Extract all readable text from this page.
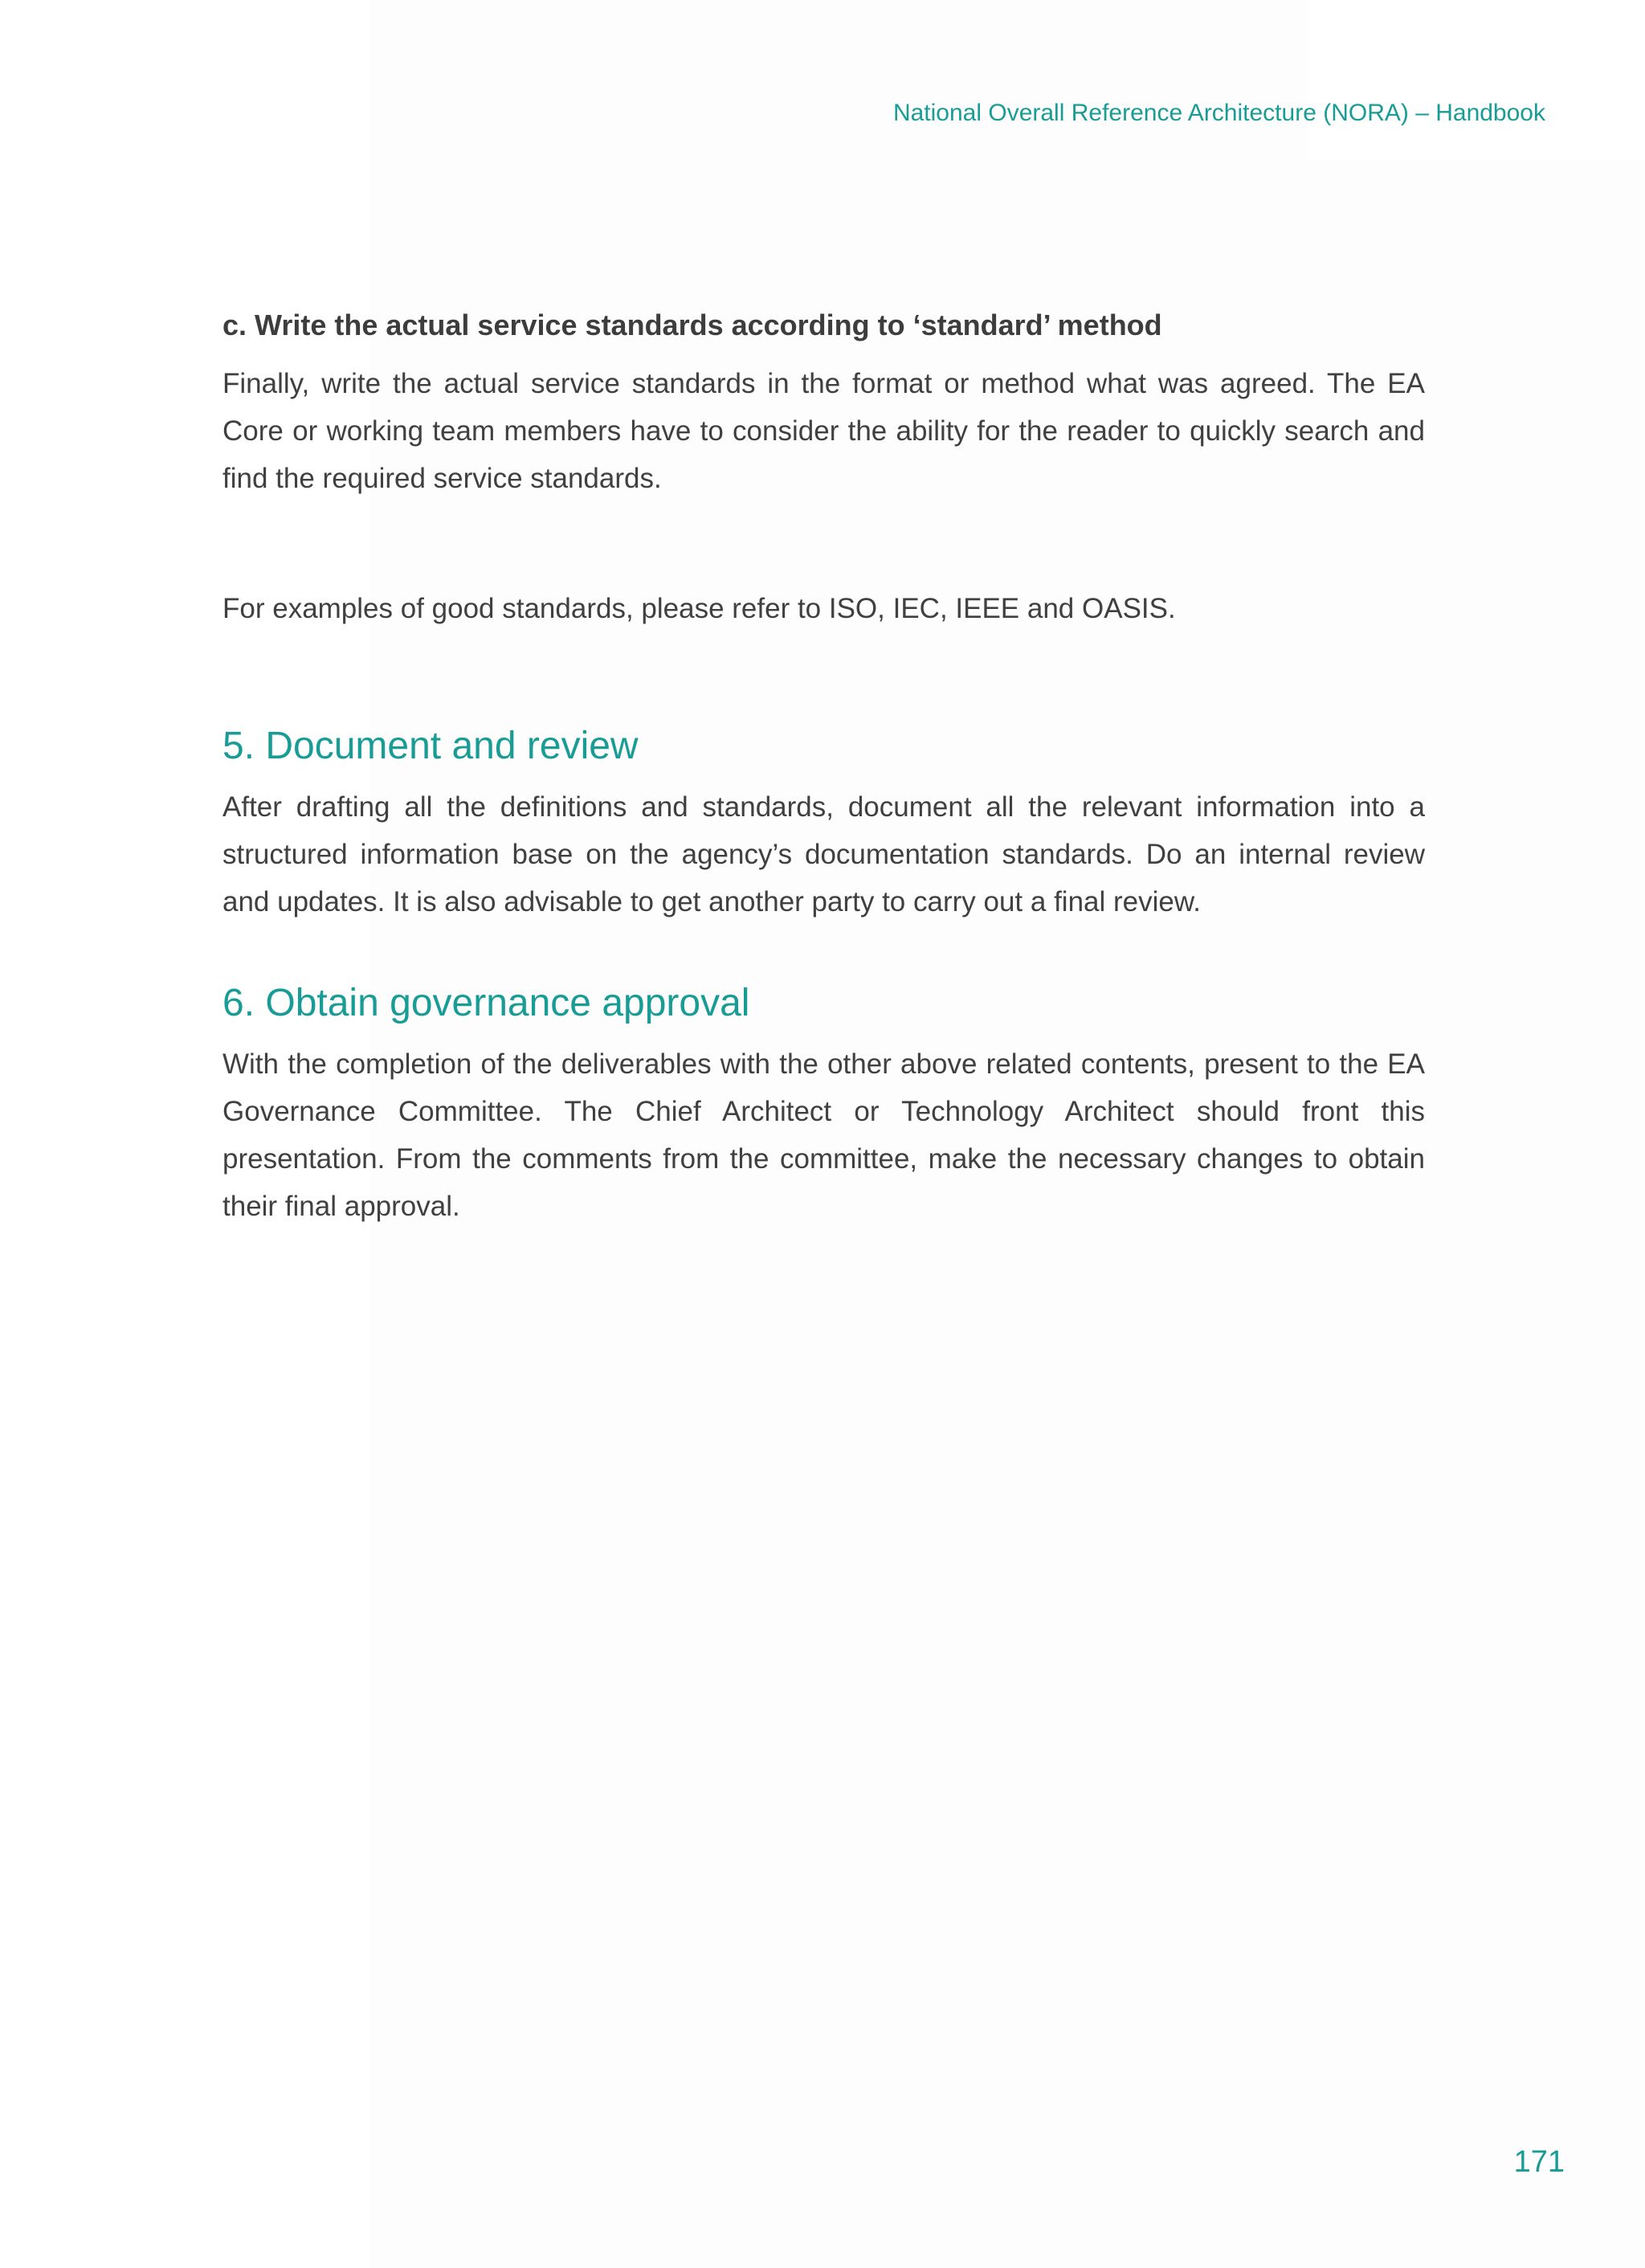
National Overall Reference Architecture (NORA) – Handbook
c. Write the actual service standards according to ‘standard’ method

Finally, write the actual service standards in the format or method what was agreed. The EA Core or working team members have to consider the ability for the reader to quickly search and find the required service standards.

For examples of good standards, please refer to ISO, IEC, IEEE and OASIS.

5. Document and review

After drafting all the definitions and standards, document all the relevant information into a structured information base on the agency’s documentation standards. Do an internal review and updates. It is also advisable to get another party to carry out a final review.

6. Obtain governance approval

With the completion of the deliverables with the other above related contents, present to the EA Governance Committee. The Chief Architect or Technology Architect should front this presentation. From the comments from the committee, make the necessary changes to obtain their final approval.

171
